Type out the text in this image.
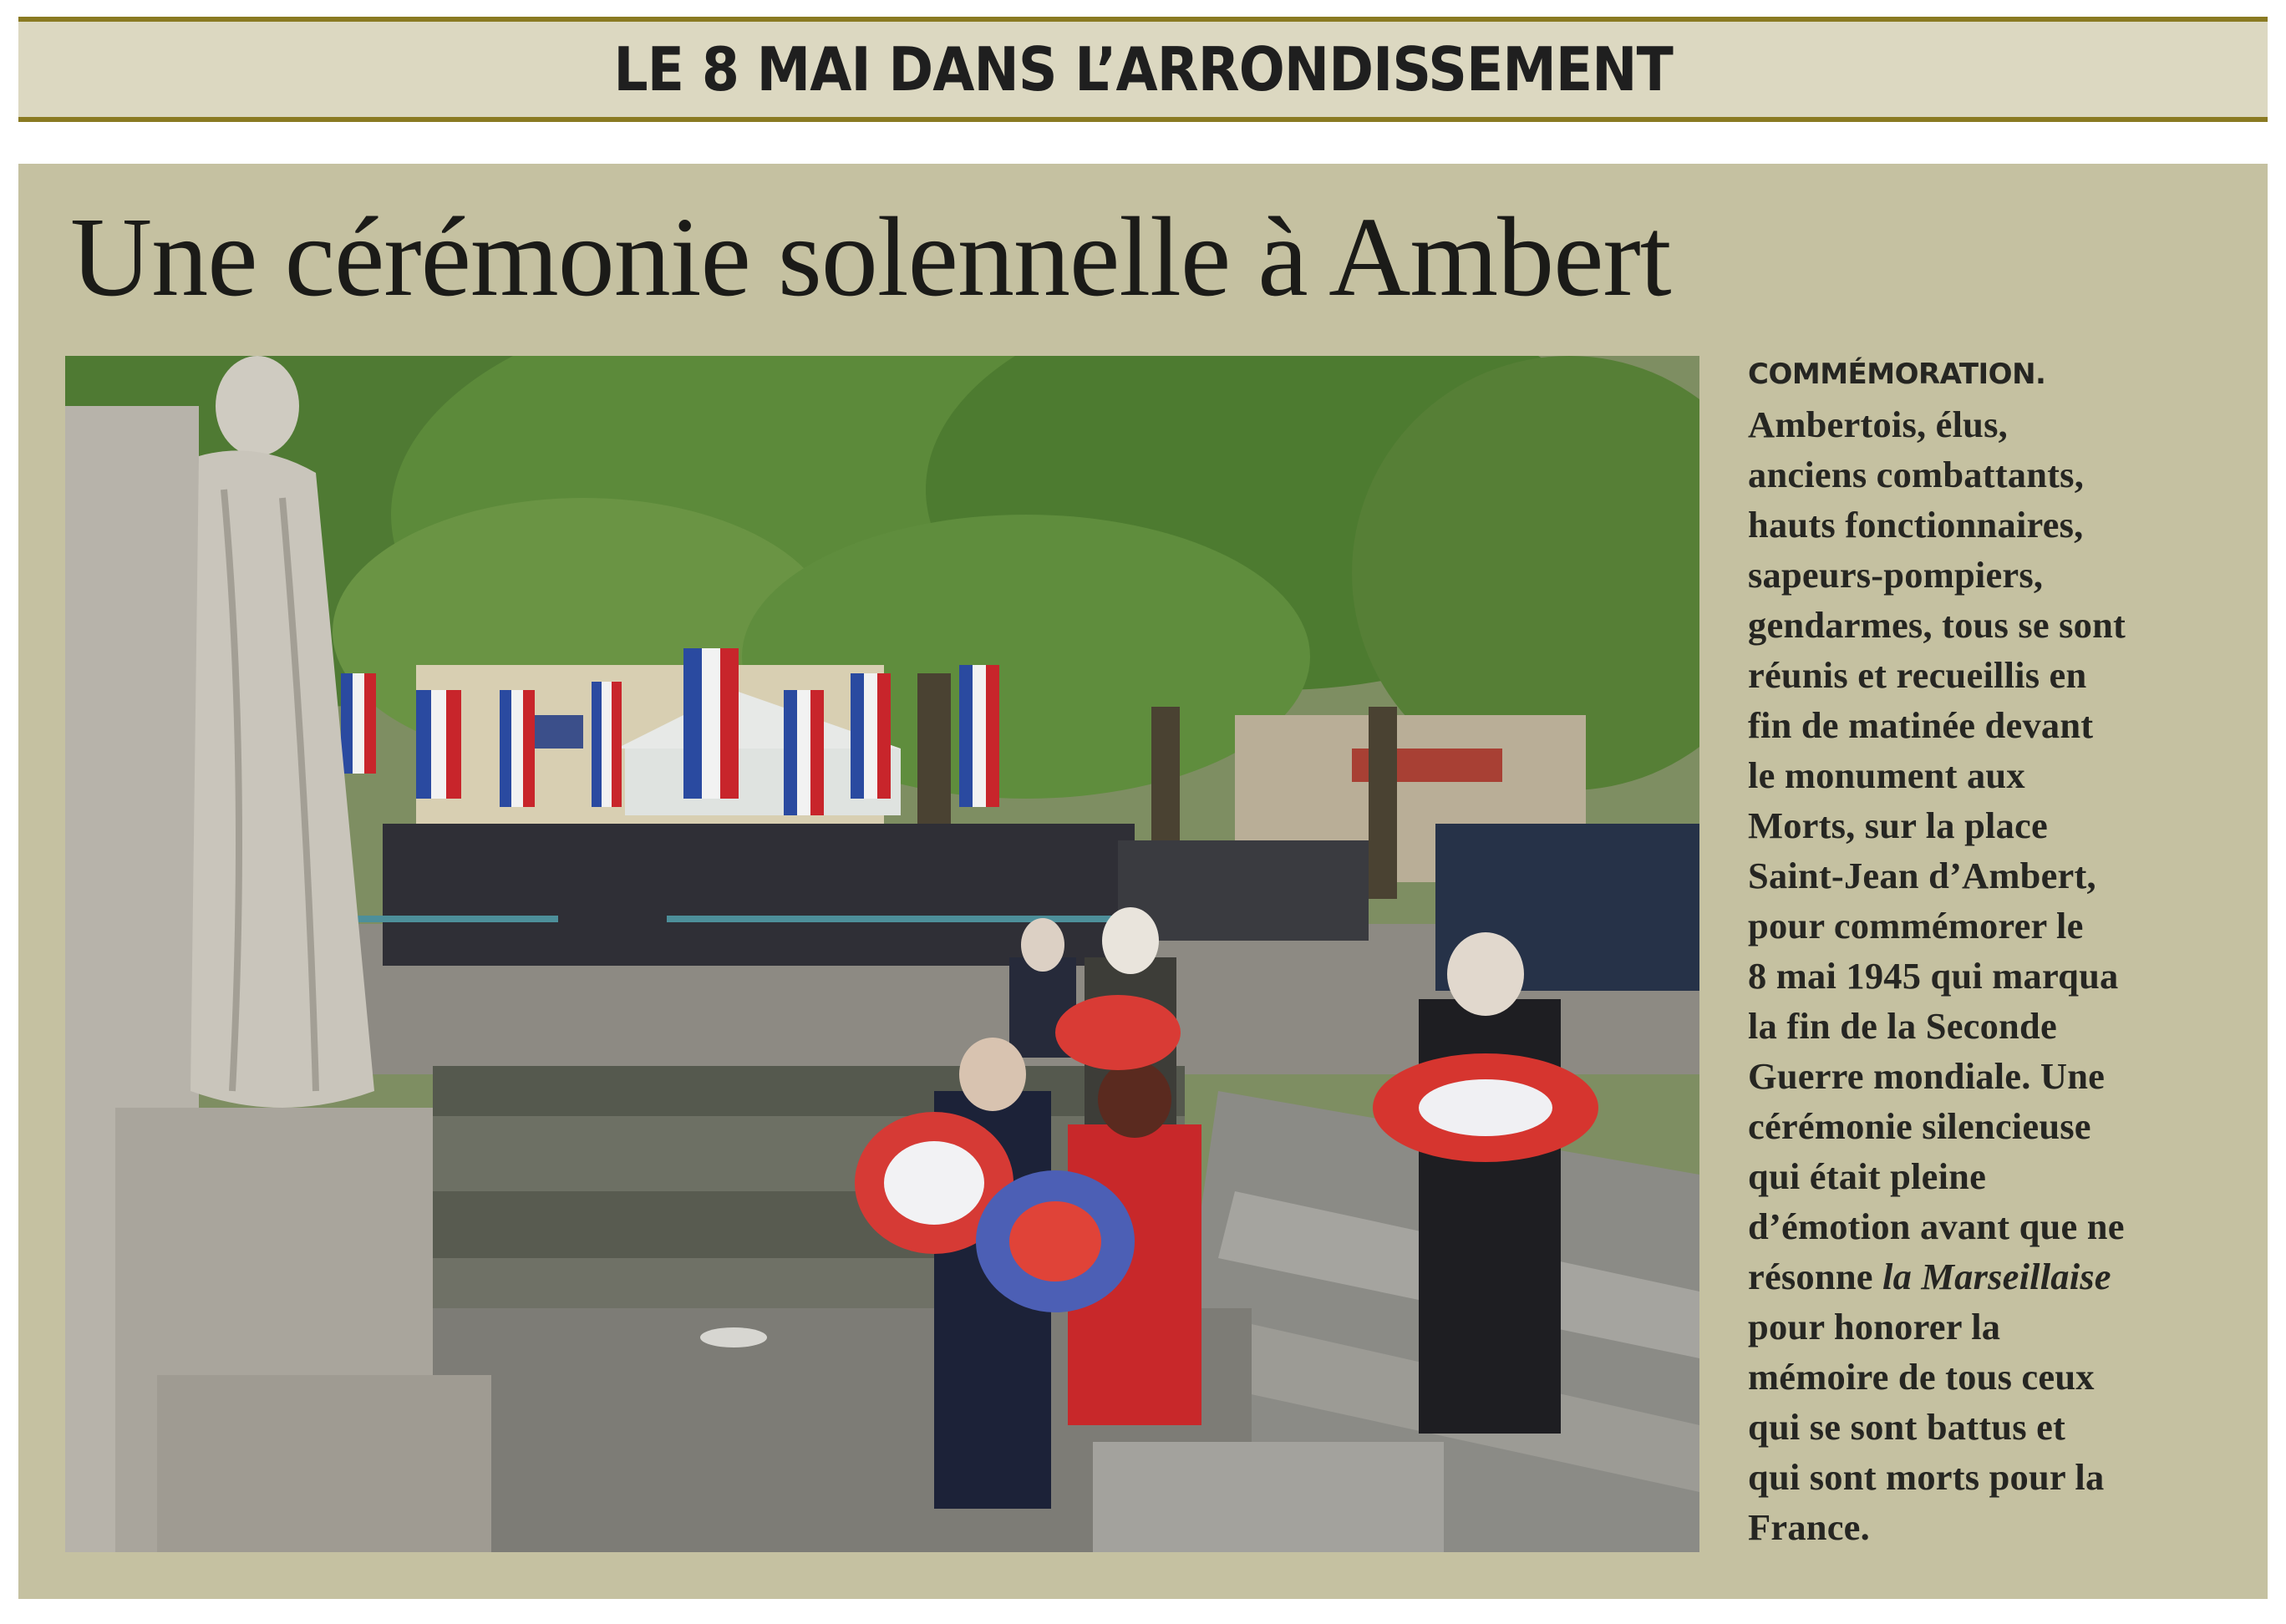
LE 8 MAI DANS L’ARRONDISSEMENT
Une cérémonie solennelle à Ambert
COMMÉMORATION.
Ambertois, élus,
anciens combattants,
hauts fonctionnaires,
sapeurs-pompiers,
gendarmes, tous se sont
réunis et recueillis en
fin de matinée devant
le monument aux
Morts, sur la place
Saint-Jean d’Ambert,
pour commémorer le
8 mai 1945 qui marqua
la fin de la Seconde
Guerre mondiale. Une
cérémonie silencieuse
qui était pleine
d’émotion avant que ne
résonne la Marseillaise
pour honorer la
mémoire de tous ceux
qui se sont battus et
qui sont morts pour la
France.
